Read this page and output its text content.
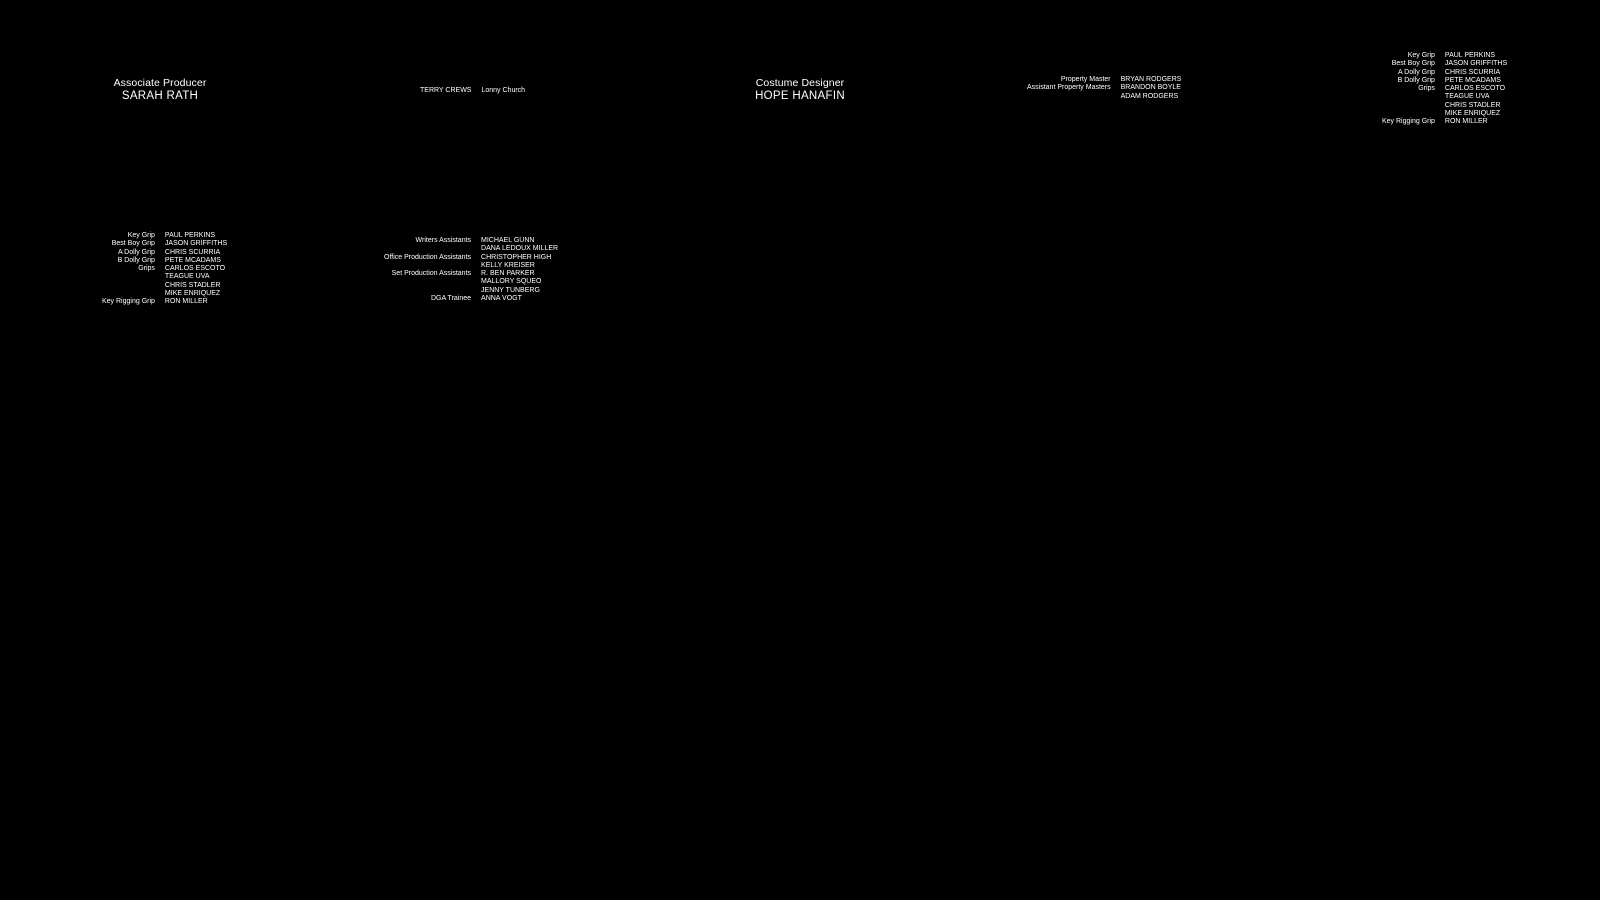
Associate Producer
SARAH RATH	TERRY CREWS Lonny Church
Costume Designer
HOPE HANAFIN
Property Master BRYAN RODGERS
Assistant Property Masters BRANDON BOYLE
ADAM RODGERS
Key Grip PAUL PERKINS
Best Boy Grip JASON GRIFFITHS
A Dolly Grip CHRIS SCURRIA
B Dolly Grip PETE MCADAMS
Grips CARLOS ESCOTO
TEAGUE UVA
CHRIS STADLER
MIKE ENRIQUEZ
Key Rigging Grip RON MILLER
Key Grip PAUL PERKINS
Best Boy Grip JASON GRIFFITHS
A Dolly Grip CHRIS SCURRIA
B Dolly Grip PETE MCADAMS
Grips CARLOS ESCOTO
TEAGUE UVA
CHRIS STADLER
MIKE ENRIQUEZ
Key Rigging Grip RON MILLER
Writers Assistants MICHAEL GUNN
DANA LEDOUX MILLER
Office Production Assistants CHRISTOPHER HIGH
KELLY KREISER
Set Production Assistants R. BEN PARKER
MALLORY SQUEO
JENNY TUNBERG
DGA Trainee ANNA VOGT
